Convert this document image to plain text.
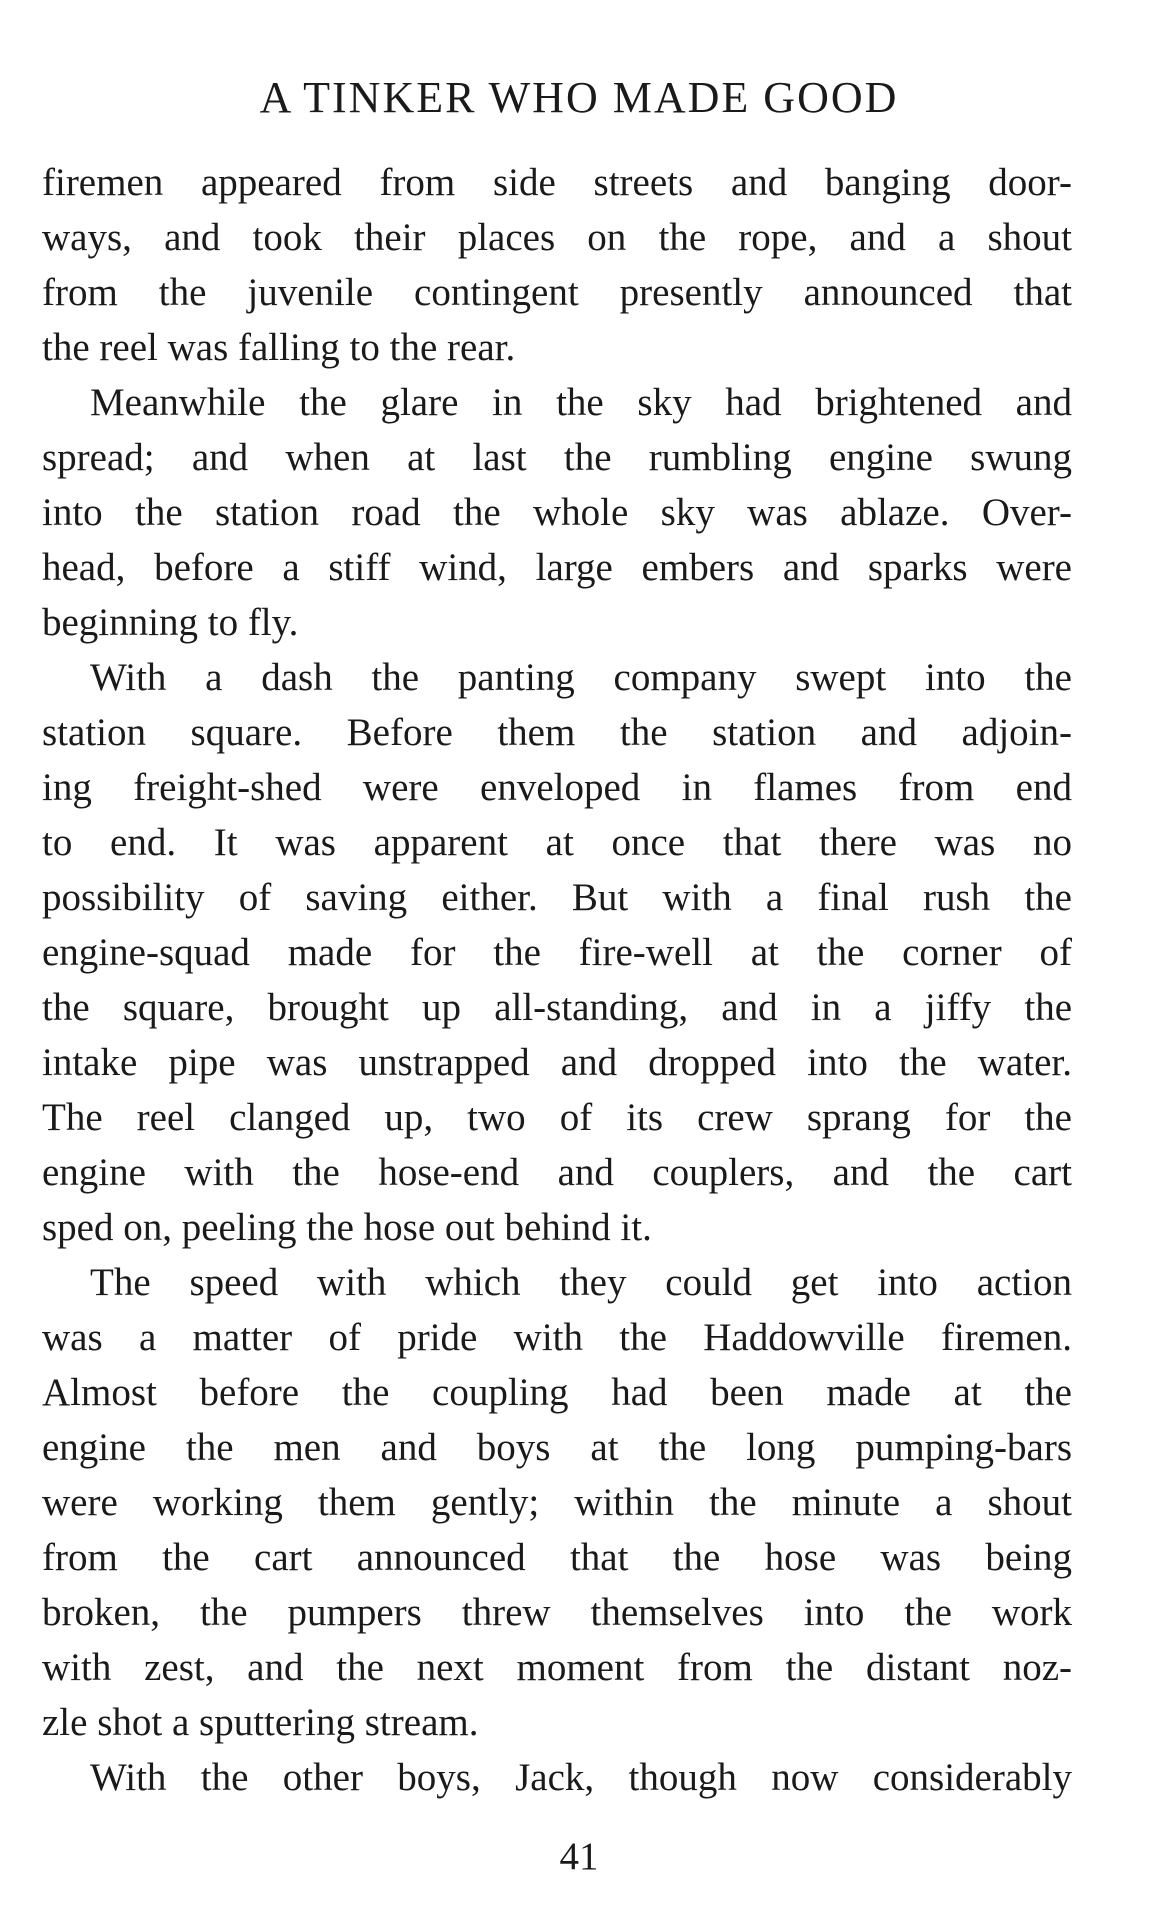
A TINKER WHO MADE GOOD
firemen appeared from side streets and banging door-
ways, and took their places on the rope, and a shout
from the juvenile contingent presently announced that
the reel was falling to the rear.
Meanwhile the glare in the sky had brightened and
spread; and when at last the rumbling engine swung
into the station road the whole sky was ablaze. Over-
head, before a stiff wind, large embers and sparks were
beginning to fly.
With a dash the panting company swept into the
station square. Before them the station and adjoin-
ing freight-shed were enveloped in flames from end
to end. It was apparent at once that there was no
possibility of saving either. But with a final rush the
engine-squad made for the fire-well at the corner of
the square, brought up all-standing, and in a jiffy the
intake pipe was unstrapped and dropped into the water.
The reel clanged up, two of its crew sprang for the
engine with the hose-end and couplers, and the cart
sped on, peeling the hose out behind it.
The speed with which they could get into action
was a matter of pride with the Haddowville firemen.
Almost before the coupling had been made at the
engine the men and boys at the long pumping-bars
were working them gently; within the minute a shout
from the cart announced that the hose was being
broken, the pumpers threw themselves into the work
with zest, and the next moment from the distant noz-
zle shot a sputtering stream.
With the other boys, Jack, though now considerably
41
